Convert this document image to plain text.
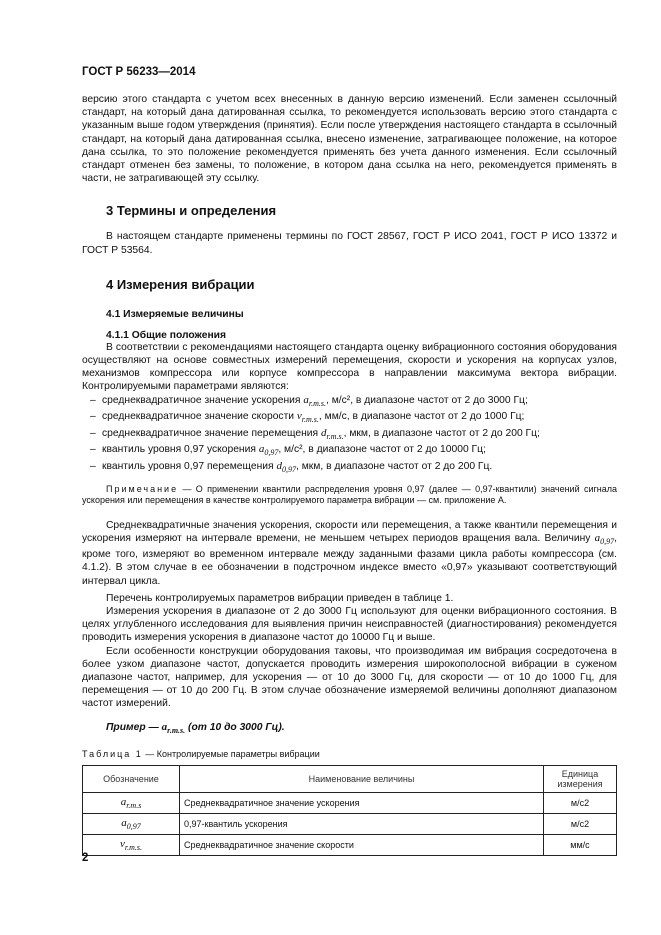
ГОСТ Р 56233—2014

версию этого стандарта с учетом всех внесенных в данную версию изменений. Если заменен ссылочный стандарт, на который дана датированная ссылка, то рекомендуется использовать версию этого стандарта с указанным выше годом утверждения (принятия). Если после утверждения настоящего стандарта в ссылочный стандарт, на который дана датированная ссылка, внесено изменение, затрагивающее положение, на которое дана ссылка, то это положение рекомендуется применять без учета данного изменения. Если ссылочный стандарт отменен без замены, то положение, в котором дана ссылка на него, рекомендуется применять в части, не затрагивающей эту ссылку.

3 Термины и определения

В настоящем стандарте применены термины по ГОСТ 28567, ГОСТ Р ИСО 2041, ГОСТ Р ИСО 13372 и ГОСТ Р 53564.

4 Измерения вибрации
4.1 Измеряемые величины
4.1.1 Общие положения

В соответствии с рекомендациями настоящего стандарта оценку вибрационного состояния оборудования осуществляют на основе совместных измерений перемещения, скорости и ускорения на корпусах узлов, механизмов компрессора или корпусе компрессора в направлении максимума вектора вибрации. Контролируемыми параметрами являются:

– среднеквадратичное значение ускорения $a_{r.m.s.}$, м/с², в диапазоне частот от 2 до 3000 Гц;
– среднеквадратичное значение скорости $v_{r.m.s.}$, мм/с, в диапазоне частот от 2 до 1000 Гц;
– среднеквадратичное значение перемещения $d_{r.m.s.}$, мкм, в диапазоне частот от 2 до 200 Гц;
– квантиль уровня 0,97 ускорения $a_{0,97}$, м/с², в диапазоне частот от 2 до 10000 Гц;
– квантиль уровня 0,97 перемещения $d_{0,97}$, мкм, в диапазоне частот от 2 до 200 Гц.

Примечание — О применении квантили распределения уровня 0,97 (далее — 0,97-квантили) значений сигнала ускорения или перемещения в качестве контролируемого параметра вибрации — см. приложение А.

Среднеквадратичные значения ускорения, скорости или перемещения, а также квантили перемещения и ускорения измеряют на интервале времени, не меньшем четырех периодов вращения вала. Величину $a_{0,97}$, кроме того, измеряют во временном интервале между заданными фазами цикла работы компрессора (см. 4.1.2). В этом случае в ее обозначении в подстрочном индексе вместо «0,97» указывают соответствующий интервал цикла.

Перечень контролируемых параметров вибрации приведен в таблице 1.

Измерения ускорения в диапазоне от 2 до 3000 Гц используют для оценки вибрационного состояния. В целях углубленного исследования для выявления причин неисправностей (диагностирования) рекомендуется проводить измерения ускорения в диапазоне частот до 10000 Гц и выше.

Если особенности конструкции оборудования таковы, что производимая им вибрация сосредоточена в более узком диапазоне частот, допускается проводить измерения широкополосной вибрации в суженом диапазоне частот, например, для ускорения — от 10 до 3000 Гц, для скорости — от 10 до 1000 Гц, для перемещения — от 10 до 200 Гц. В этом случае обозначение измеряемой величины дополняют диапазоном частот измерений.

Пример — $a_{r.m.s.}$ (от 10 до 3000 Гц).
Таблица 1 — Контролируемые параметры вибрации
Обозначение	Наименование величины	Единица измерения
$a_{r.m.s}$	Среднеквадратичное значение ускорения	м/с2
$a_{0,97}$	0,97-квантиль ускорения	м/с2
$v_{r.m.s.}$	Среднеквадратичное значение скорости	мм/с
2
